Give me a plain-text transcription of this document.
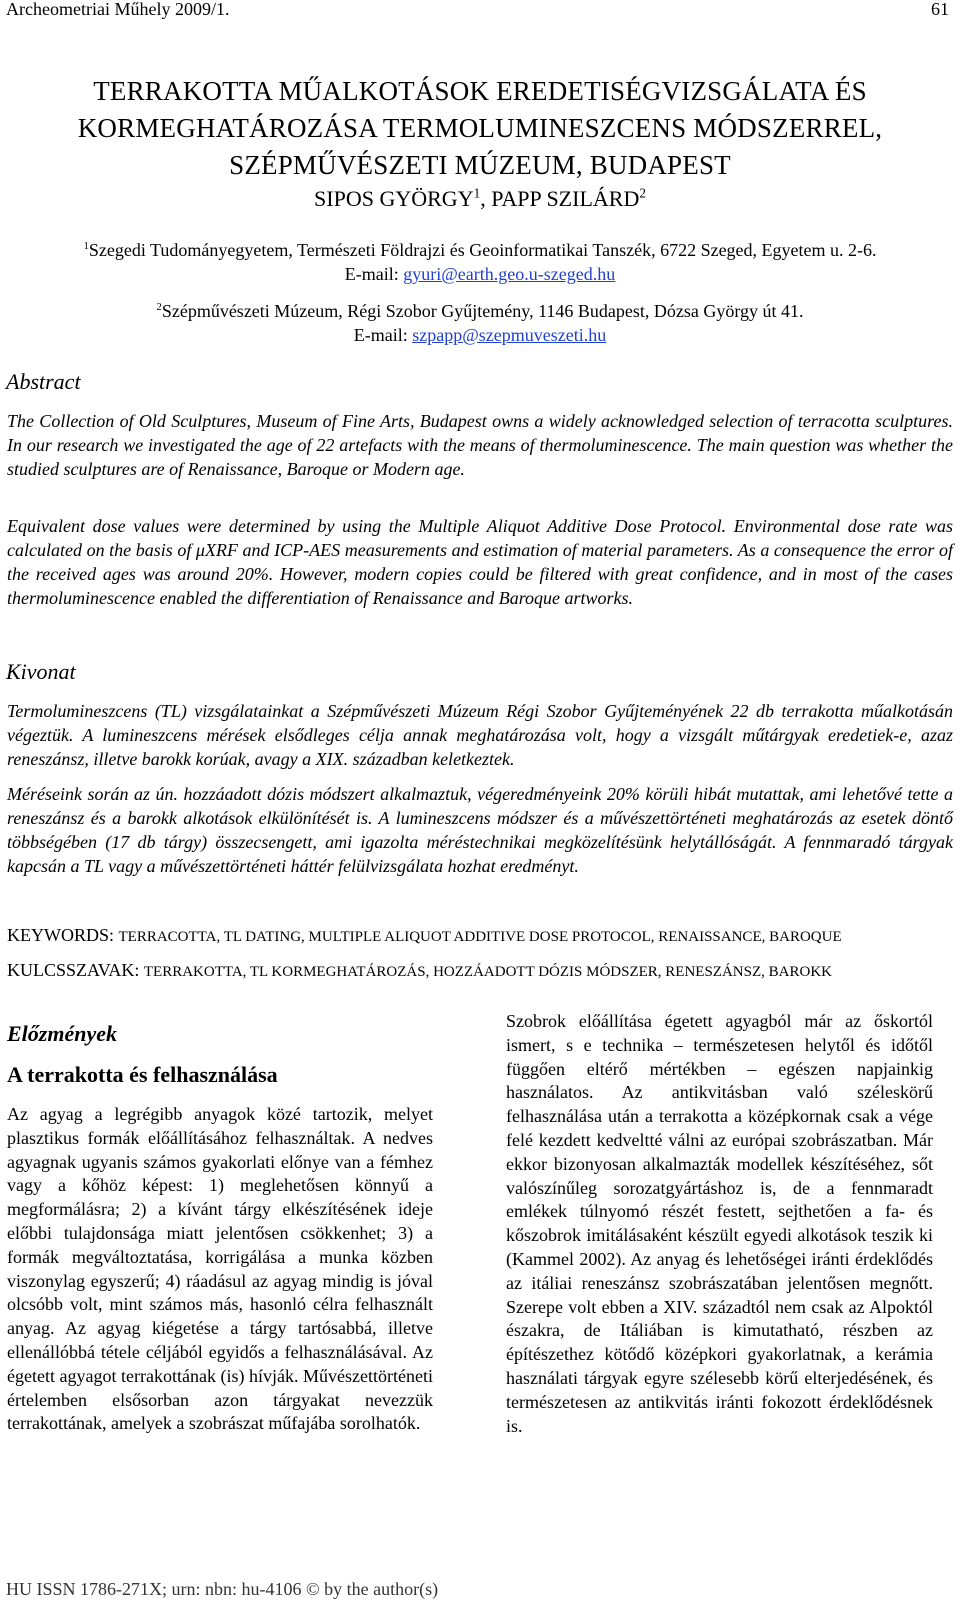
Archeometriai Műhely 2009/1.	61
TERRAKOTTA MŰALKOTÁSOK EREDETISÉGVIZSGÁLATA ÉS
KORMEGHATÁROZÁSA TERMOLUMINESZCENS MÓDSZERREL,
SZÉPMŰVÉSZETI MÚZEUM, BUDAPEST
SIPOS GYÖRGY$^1$, PAPP SZILÁRD$^2$
$^1$Szegedi Tudományegyetem, Természeti Földrajzi és Geoinformatikai Tanszék, 6722 Szeged, Egyetem u. 2-6.
E-mail: gyuri@earth.geo.u-szeged.hu
$^2$Szépművészeti Múzeum, Régi Szobor Gyűjtemény, 1146 Budapest, Dózsa György út 41.
E-mail: szpapp@szepmuveszeti.hu
Abstract
The Collection of Old Sculptures, Museum of Fine Arts, Budapest owns a widely acknowledged selection of terracotta sculptures. In our research we investigated the age of 22 artefacts with the means of thermoluminescence. The main question was whether the studied sculptures are of Renaissance, Baroque or Modern age.
Equivalent dose values were determined by using the Multiple Aliquot Additive Dose Protocol. Environmental dose rate was calculated on the basis of μXRF and ICP-AES measurements and estimation of material parameters. As a consequence the error of the received ages was around 20%. However, modern copies could be filtered with great confidence, and in most of the cases thermoluminescence enabled the differentiation of Renaissance and Baroque artworks.
Kivonat
Termolumineszcens (TL) vizsgálatainkat a Szépművészeti Múzeum Régi Szobor Gyűjteményének 22 db terrakotta műalkotásán végeztük. A lumineszcens mérések elsődleges célja annak meghatározása volt, hogy a vizsgált műtárgyak eredetiek-e, azaz reneszánsz, illetve barokk korúak, avagy a XIX. században keletkeztek.
Méréseink során az ún. hozzáadott dózis módszert alkalmaztuk, végeredményeink 20% körüli hibát mutattak, ami lehetővé tette a reneszánsz és a barokk alkotások elkülönítését is. A lumineszcens módszer és a művészettörténeti meghatározás az esetek döntő többségében (17 db tárgy) összecsengett, ami igazolta méréstechnikai megközelítésünk helytállóságát. A fennmaradó tárgyak kapcsán a TL vagy a művészettörténeti háttér felülvizsgálata hozhat eredményt.
KEYWORDS: TERRACOTTA, TL DATING, MULTIPLE ALIQUOT ADDITIVE DOSE PROTOCOL, RENAISSANCE, BAROQUE
KULCSSZAVAK: TERRAKOTTA, TL KORMEGHATÁROZÁS, HOZZÁADOTT DÓZIS MÓDSZER, RENESZÁNSZ, BAROKK
Előzmények
A terrakotta és felhasználása
Az agyag a legrégibb anyagok közé tartozik, melyet plasztikus formák előállításához felhasználtak. A nedves agyagnak ugyanis számos gyakorlati előnye van a fémhez vagy a kőhöz képest: 1) meglehetősen könnyű a megformálásra; 2) a kívánt tárgy elkészítésének ideje előbbi tulajdonsága miatt jelentősen csökkenhet; 3) a formák megváltoztatása, korrigálása a munka közben viszonylag egyszerű; 4) ráadásul az agyag mindig is jóval olcsóbb volt, mint számos más, hasonló célra felhasznált anyag. Az agyag kiégetése a tárgy tartósabbá, illetve ellenállóbbá tétele céljából egyidős a felhasználásával. Az égetett agyagot terrakottának (is) hívják. Művészettörténeti értelemben elsősorban azon tárgyakat nevezzük terrakottának, amelyek a szobrászat műfajába sorolhatók.
Szobrok előállítása égetett agyagból már az őskortól ismert, s e technika – természetesen helytől és időtől függően eltérő mértékben – egészen napjainkig használatos. Az antikvitásban való széleskörű felhasználása után a terrakotta a középkornak csak a vége felé kezdett kedveltté válni az európai szobrászatban. Már ekkor bizonyosan alkalmazták modellek készítéséhez, sőt valószínűleg sorozatgyártáshoz is, de a fennmaradt emlékek túlnyomó részét festett, sejthetően a fa- és kőszobrok imitálásaként készült egyedi alkotások teszik ki (Kammel 2002). Az anyag és lehetőségei iránti érdeklődés az itáliai reneszánsz szobrászatában jelentősen megnőtt. Szerepe volt ebben a XIV. századtól nem csak az Alpoktól északra, de Itáliában is kimutatható, részben az építészethez kötődő középkori gyakorlatnak, a kerámia használati tárgyak egyre szélesebb körű elterjedésének, és természetesen az antikvitás iránti fokozott érdeklődésnek is.
HU ISSN 1786-271X; urn: nbn: hu-4106 © by the author(s)
